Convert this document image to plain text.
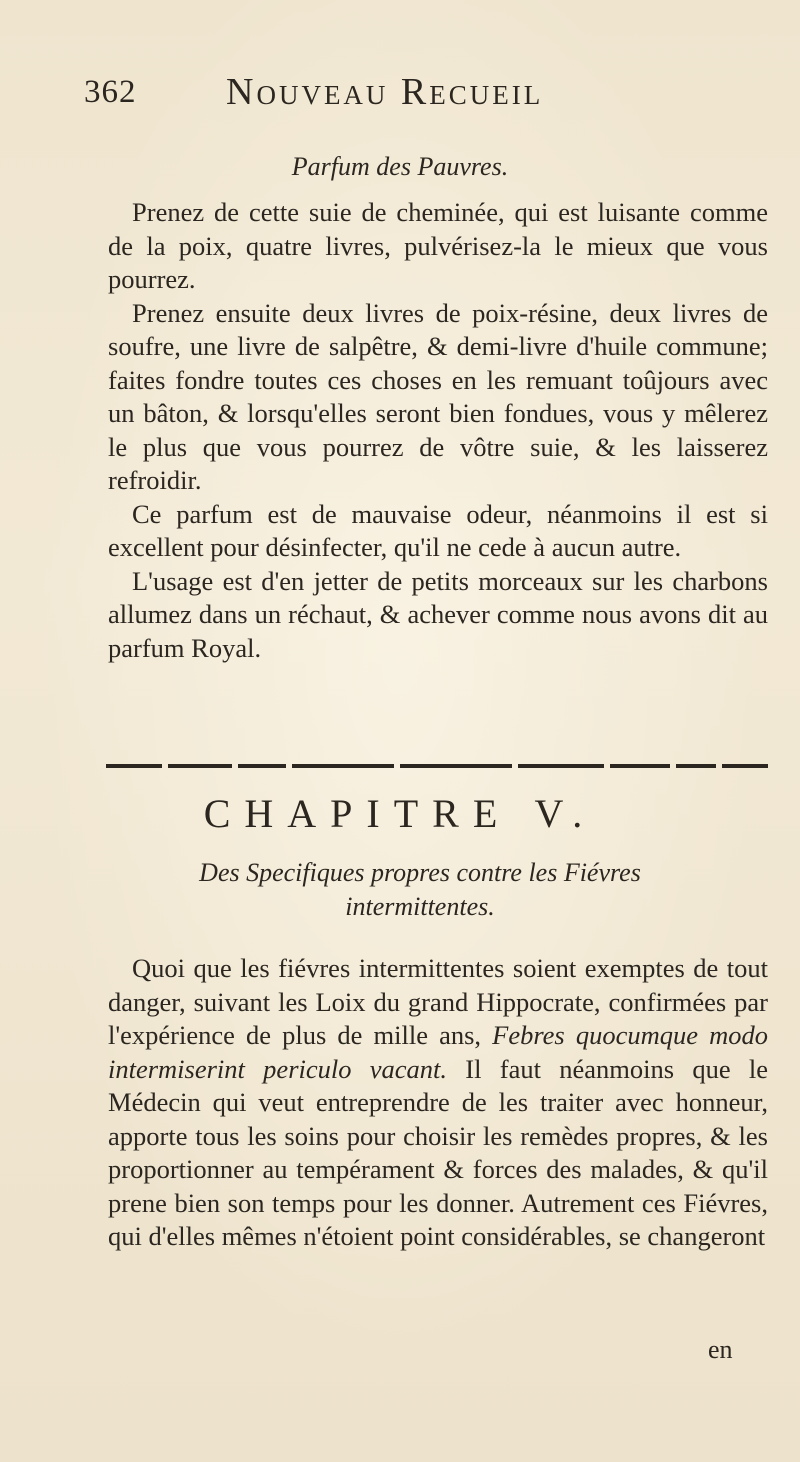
362 Nouveau Recueil
Parfum des Pauvres.

Prenez de cette suie de cheminée, qui est luisante comme de la poix, quatre livres, pulvérisez-la le mieux que vous pourrez.

Prenez ensuite deux livres de poix-résine, deux livres de soufre, une livre de salpêtre, & demi-livre d'huile commune; faites fondre toutes ces choses en les remuant toûjours avec un bâton, & lorsqu'elles seront bien fondues, vous y mêlerez le plus que vous pourrez de vôtre suie, & les laisserez refroidir.

Ce parfum est de mauvaise odeur, néanmoins il est si excellent pour désinfecter, qu'il ne cede à aucun autre.

L'usage est d'en jetter de petits morceaux sur les charbons allumez dans un réchaut, & achever comme nous avons dit au parfum Royal.

CHAPITRE V.
Des Specifiques propres contre les Fiévres intermittentes.

Quoi que les fiévres intermittentes soient exemptes de tout danger, suivant les Loix du grand Hippocrate, confirmées par l'expérience de plus de mille ans, Febres quocumque modo intermiserint periculo vacant. Il faut néanmoins que le Médecin qui veut entreprendre de les traiter avec honneur, apporte tous les soins pour choisir les remèdes propres, & les proportionner au tempérament & forces des malades, & qu'il prene bien son temps pour les donner. Autrement ces Fiévres, qui d'elles mêmes n'étoient point considérables, se changeront

en
